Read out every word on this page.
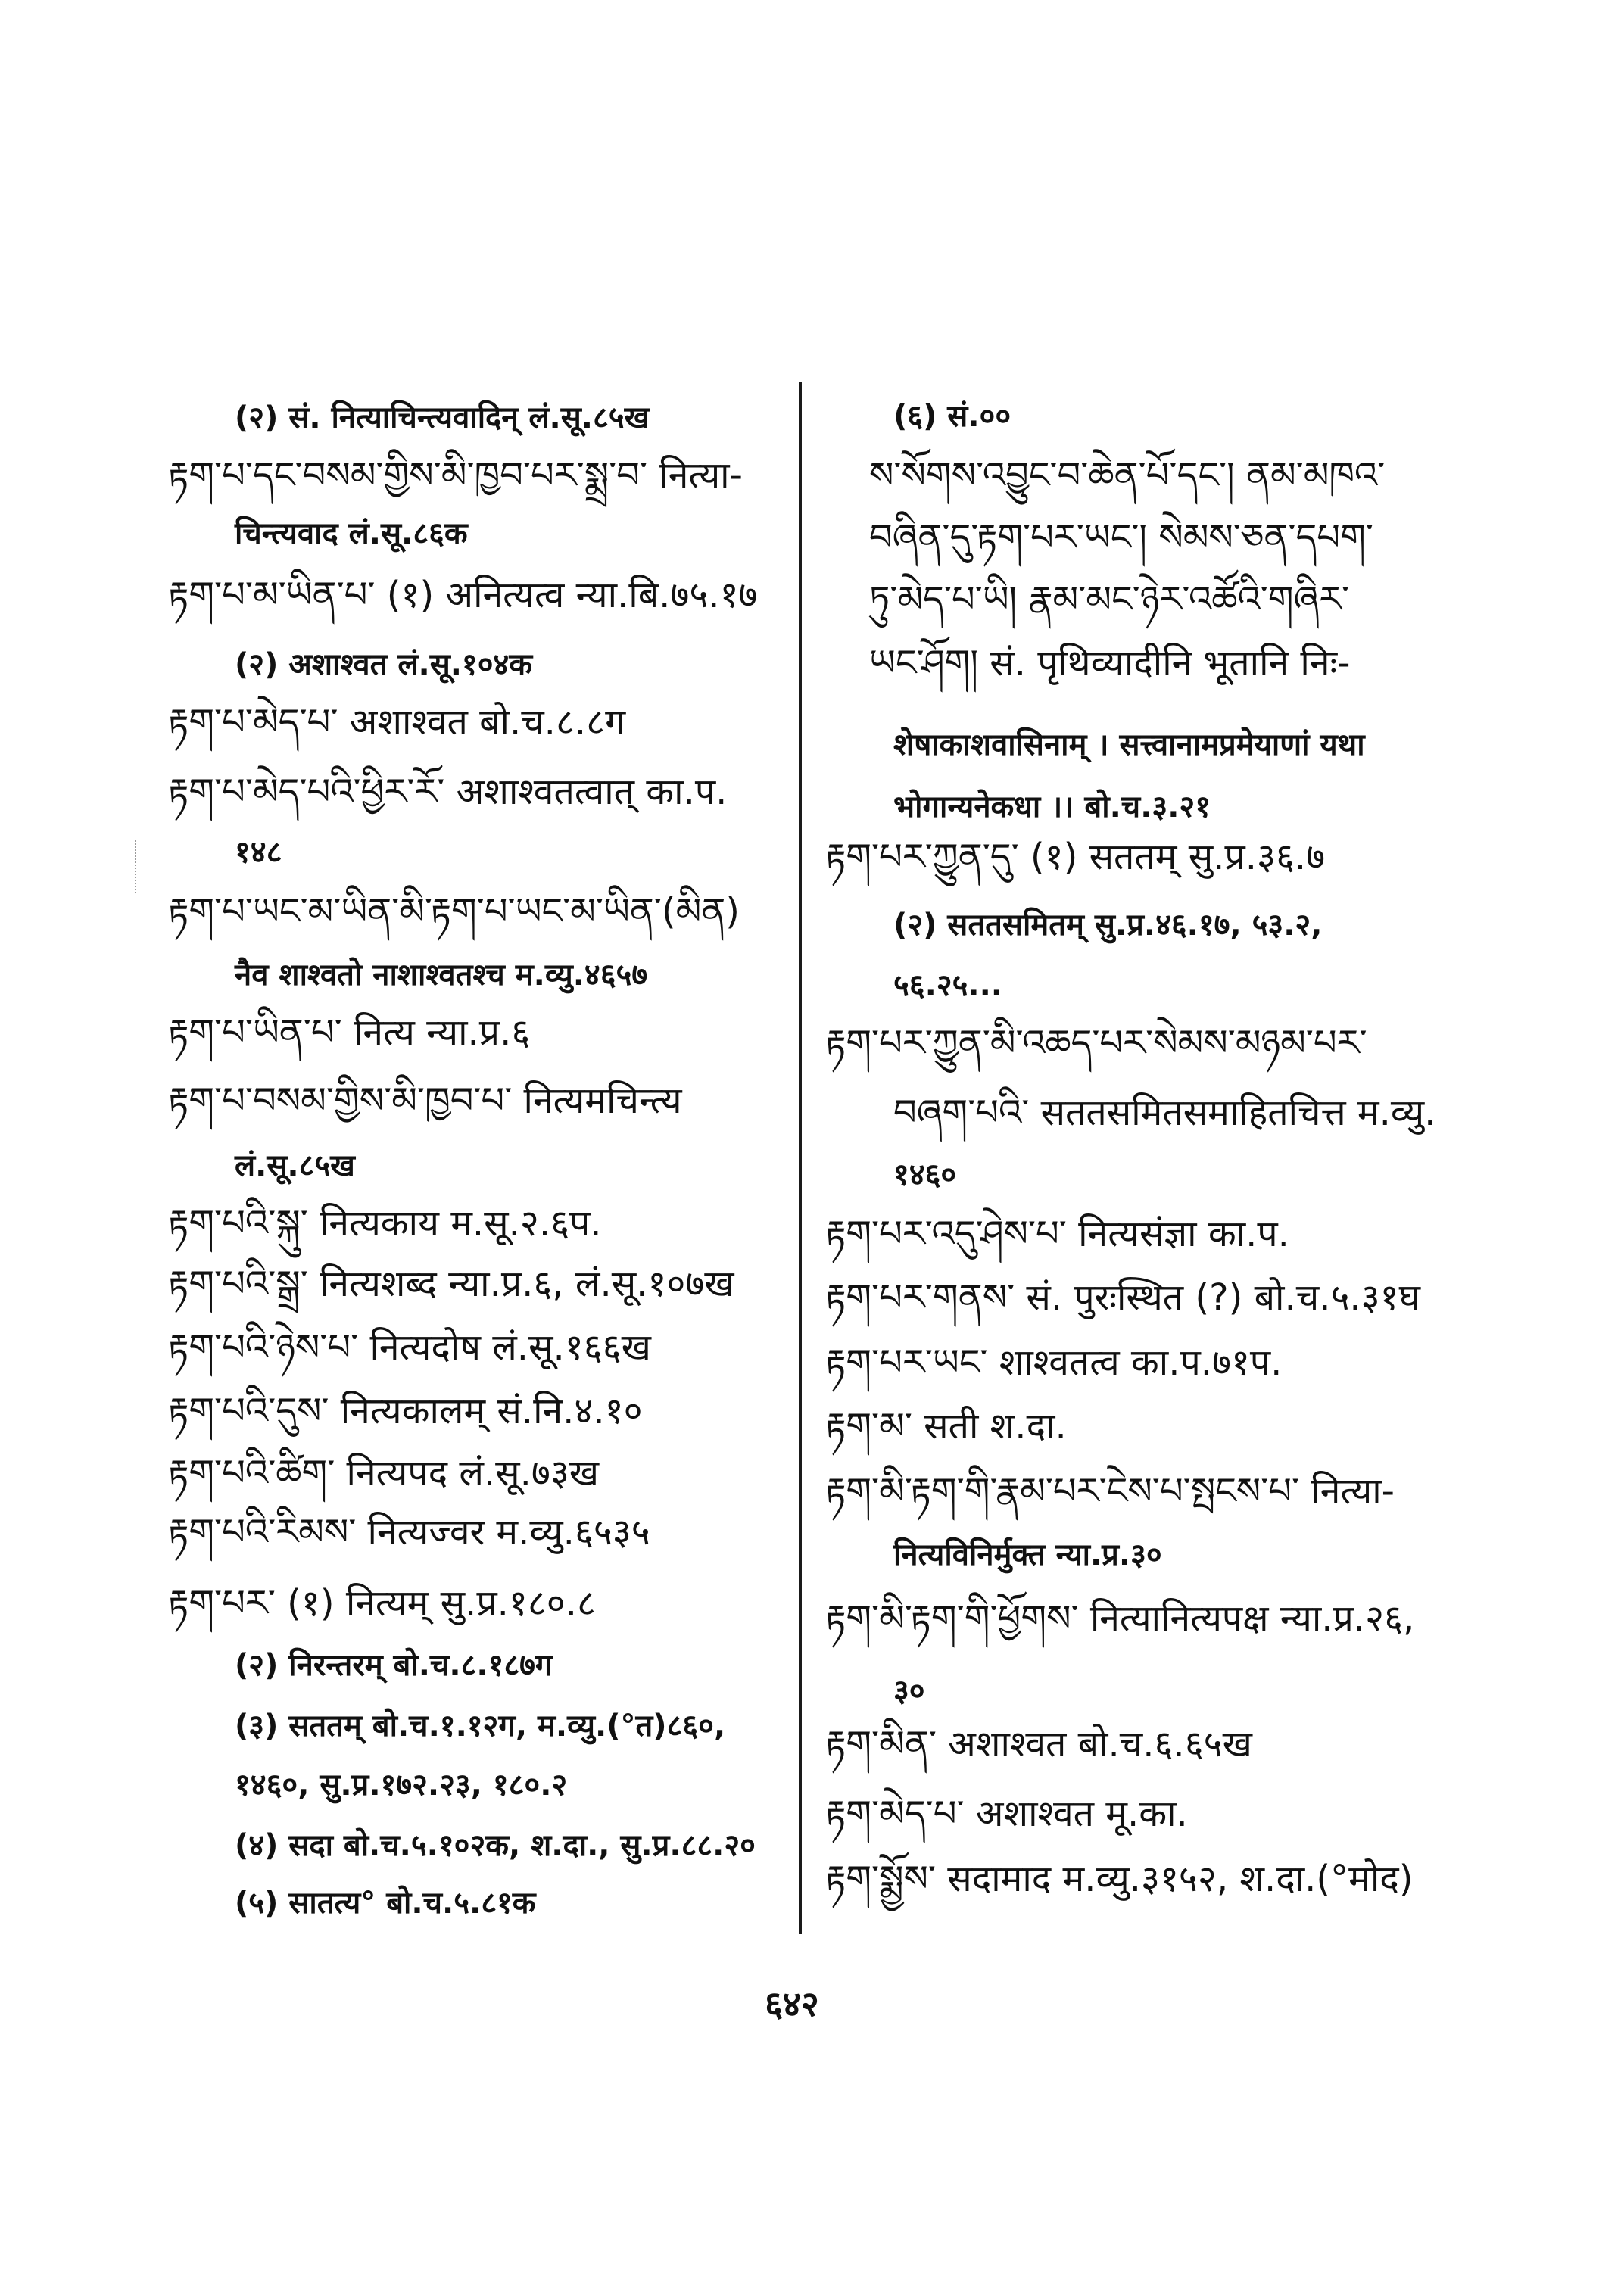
(२) सं. नित्याचिन्त्यवादिन् लं.सू.८५ख
རྟག་པ་དང་བསམ་གྱིས་མི་ཁྱབ་པར་སྨྲ་བ་ नित्या-
चिन्त्यवाद लं.सू.८६क
རྟག་པ་མ་ཡིན་པ་ (१) अनित्यत्व न्या.बि.७५.१७
(२) अशाश्वत लं.सू.१०४क
རྟག་པ་མེད་པ་ अशाश्वत बो.च.८.८ग
རྟག་པ་མེད་པའི་ཕྱིར་རོ་ अशाश्वतत्वात् का.प.
१४८
རྟག་པ་ཡང་མ་ཡིན་མི་རྟག་པ་ཡང་མ་ཡིན་(མིན)
नैव शाश्वतो नाशाश्वतश्च म.व्यु.४६५७
རྟག་པ་ཡིན་པ་ नित्य न्या.प्र.६
རྟག་པ་བསམ་གྱིས་མི་ཁྱབ་པ་ नित्यमचिन्त्य
लं.सू.८५ख
རྟག་པའི་སྐུ་ नित्यकाय म.सू.२.६प.
རྟག་པའི་སྒྲ་ नित्यशब्द न्या.प्र.६, लं.सू.१०७ख
རྟག་པའི་ཉེས་པ་ नित्यदोष लं.सू.१६६ख
རྟག་པའི་དུས་ नित्यकालम् सं.नि.४.१०
རྟག་པའི་ཚིག་ नित्यपद लं.सू.७३ख
རྟག་པའི་རིམས་ नित्यज्वर म.व्यु.६५३५
རྟག་པར་ (१) नित्यम् सु.प्र.१८०.८
(२) निरन्तरम् बो.च.८.१८७ग
(३) सततम् बो.च.१.१२ग, म.व्यु.(°त)८६०,
१४६०, सु.प्र.१७२.२३, १८०.२
(४) सदा बो.च.५.१०२क, श.दा., सु.प्र.८८.२०
(५) सातत्य° बो.च.५.८१क
(६) सं.००
ས་སོགས་འབྱུང་བ་ཆེན་པོ་དང་། ནམ་མཁའ་
བཞིན་དུ་རྟག་པར་ཡང་། སེམས་ཅན་དཔག་
ཏུ་མེད་པ་ཡི། རྣམ་མང་ཉེར་འཚོའི་གཞིར་
ཡང་ཤོག། सं. पृथिव्यादीनि भूतानि निः-
शेषाकाशवासिनाम् । सत्त्वानामप्रमेयाणां यथा
भोगान्यनेकधा ।। बो.च.३.२१
རྟག་པར་ཀྱུན་དུ་ (१) सततम् सु.प्र.३६.७
(२) सततसमितम् सु.प्र.४६.१७, ५३.२,
५६.२५...
རྟག་པར་ཀྱུན་མི་འཆད་པར་སེམས་མཉམ་པར་
བཞག་པའི་ सततसमितसमाहितचित्त म.व्यु.
१४६०
རྟག་པར་འདུ་ཤེས་པ་ नित्यसंज्ञा का.प.
རྟག་པར་གནས་ सं. पुरःस्थित (?) बो.च.५.३१घ
རྟག་པར་ཡང་ शाश्वतत्व का.प.७१प.
རྟག་མ་ सती श.दा.
རྟག་མི་རྟག་གི་རྣམ་པར་ངེས་པ་སྤངས་པ་ नित्या-
नित्यविनिर्मुक्त न्या.प्र.३०
རྟག་མི་རྟག་གི་ཕྱོགས་ नित्यानित्यपक्ष न्या.प्र.२६,
३०
རྟག་མིན་ अशाश्वत बो.च.६.६५ख
རྟག་མེད་པ་ अशाश्वत मू.का.
རྟག་སྨྱོས་ सदामाद म.व्यु.३१५२, श.दा.(°मोद)
६४२
